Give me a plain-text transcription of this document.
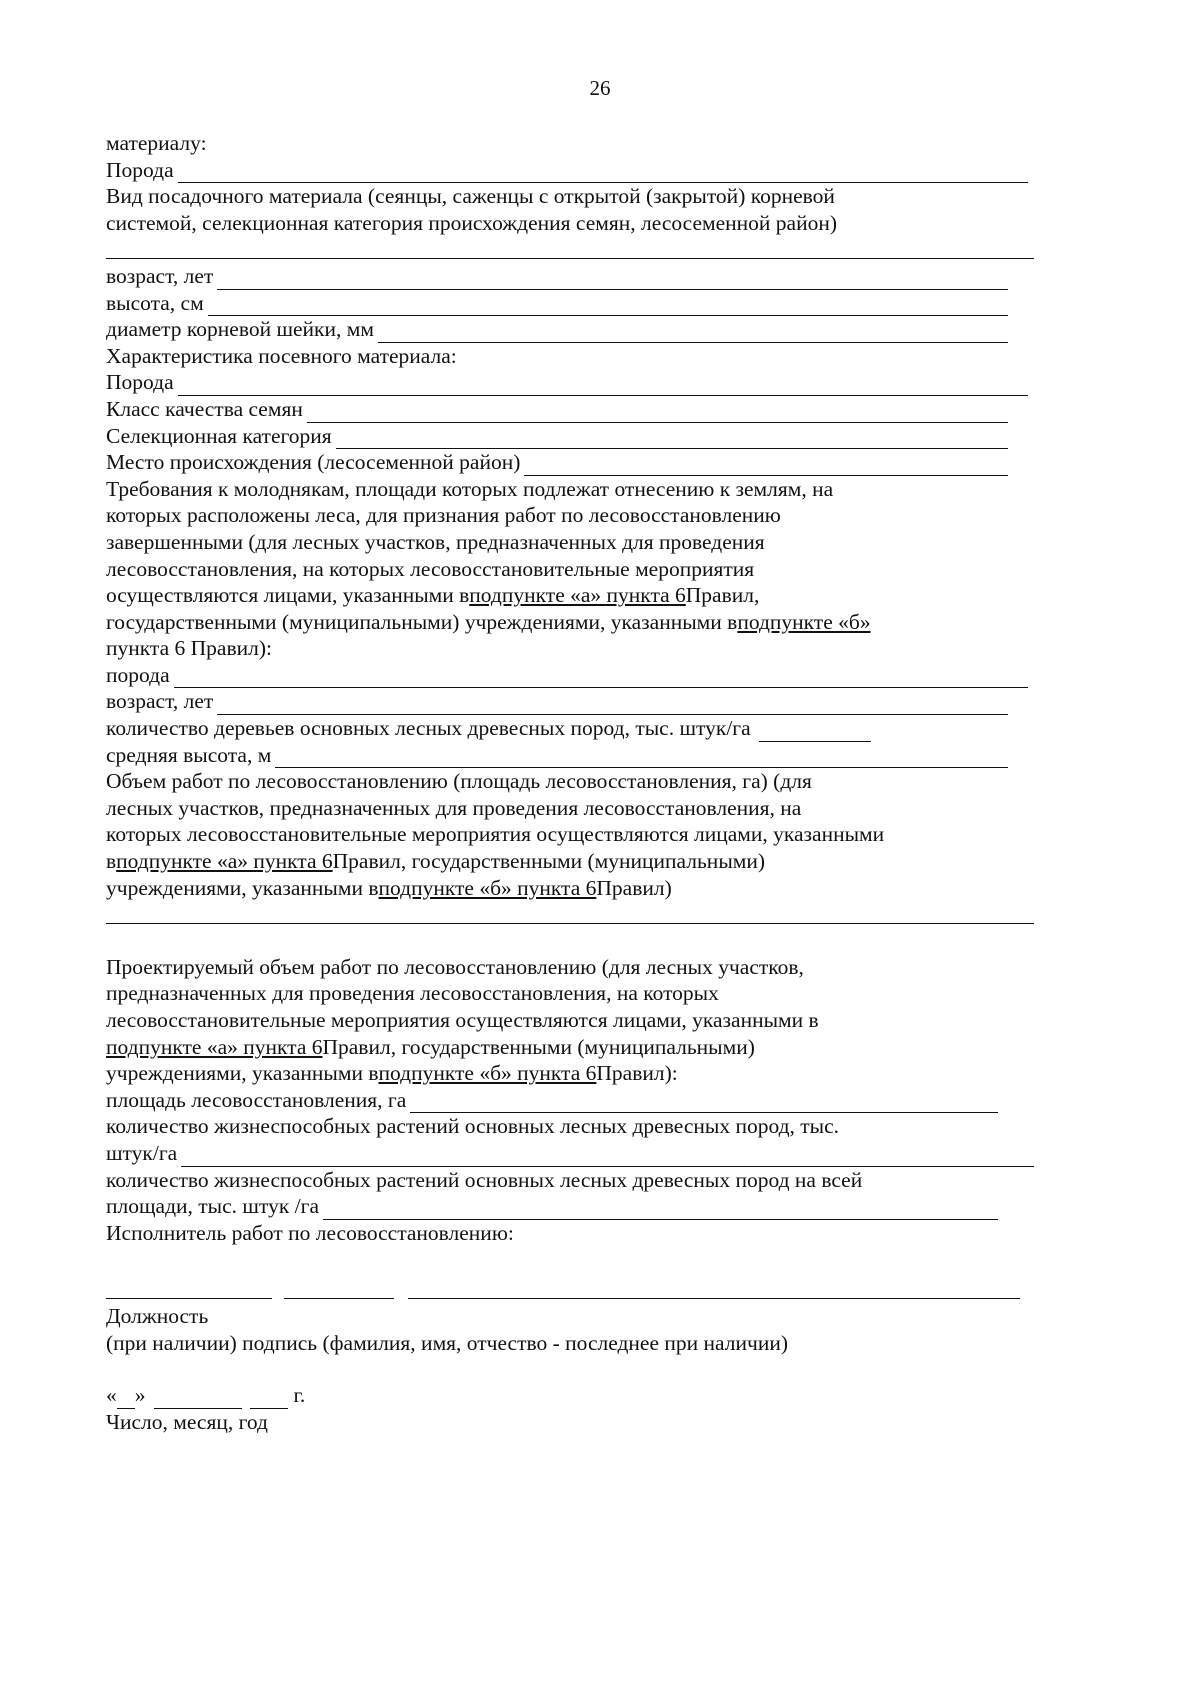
26
материалу:
Порода
Вид посадочного материала (сеянцы, саженцы с открытой (закрытой) корневой
системой, селекционная категория происхождения семян, лесосеменной район)
возраст, лет
высота, см
диаметр корневой шейки, мм
Характеристика посевного материала:
Порода
Класс качества семян
Селекционная категория
Место происхождения (лесосеменной район)
Требования к молоднякам, площади которых подлежат отнесению к землям, на
которых расположены леса, для признания работ по лесовосстановлению
завершенными (для лесных участков, предназначенных для проведения
лесовосстановления, на которых лесовосстановительные мероприятия
осуществляются лицами, указанными в подпункте «а» пункта 6 Правил,
государственными (муниципальными) учреждениями, указанными в подпункте «б»
пункта 6 Правил):
порода
возраст, лет
количество деревьев основных лесных древесных пород, тыс. штук/га
средняя высота, м
Объем работ по лесовосстановлению (площадь лесовосстановления, га) (для
лесных участков, предназначенных для проведения лесовосстановления, на
которых лесовосстановительные мероприятия осуществляются лицами, указанными
в подпункте «а» пункта 6 Правил, государственными (муниципальными)
учреждениями, указанными в подпункте «б» пункта 6 Правил)
Проектируемый объем работ по лесовосстановлению (для лесных участков,
предназначенных для проведения лесовосстановления, на которых
лесовосстановительные мероприятия осуществляются лицами, указанными в
подпункте «а» пункта 6 Правил, государственными (муниципальными)
учреждениями, указанными в подпункте «б» пункта 6 Правил):
площадь лесовосстановления, га
количество жизнеспособных растений основных лесных древесных пород, тыс.
штук/га
количество жизнеспособных растений основных лесных древесных пород на всей
площади, тыс. штук /га
Исполнитель работ по лесовосстановлению:
Должность
(при наличии) подпись (фамилия, имя, отчество - последнее при наличии)
« »	г.
Число, месяц, год
